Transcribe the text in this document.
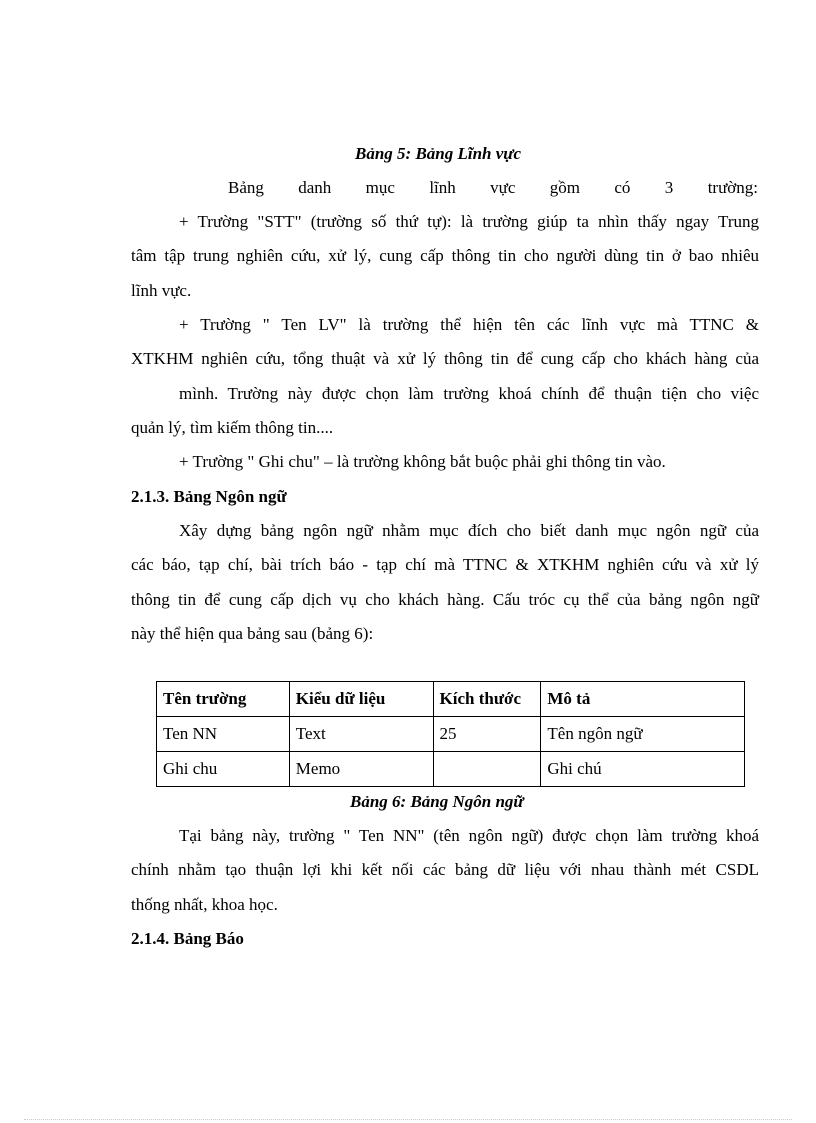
Bảng 5: Bảng Lĩnh vực
Bảng danh mục lĩnh vực gồm có 3 trường:
+ Trường "STT" (trường số thứ tự): là trường giúp ta nhìn thấy ngay Trung
tâm tập trung nghiên cứu, xử lý, cung cấp thông tin cho người dùng tin ở bao nhiêu
lĩnh vực.
+ Trường " Ten LV" là trường thể hiện tên các lĩnh vực mà TTNC &
XTKHM nghiên cứu, tổng thuật và xử lý thông tin để cung cấp cho khách hàng của
mình. Trường này được chọn làm trường khoá chính để thuận tiện cho việc
quản lý, tìm kiếm thông tin....
+ Trường " Ghi chu" – là trường không bắt buộc phải ghi thông tin vào.
2.1.3. Bảng Ngôn ngữ
Xây dựng bảng ngôn ngữ nhằm mục đích cho biết danh mục ngôn ngữ của
các báo, tạp chí, bài trích báo - tạp chí mà TTNC & XTKHM nghiên cứu và xử lý
thông tin để cung cấp dịch vụ cho khách hàng. Cấu tróc cụ thể của bảng ngôn ngữ
này thể hiện qua bảng sau (bảng 6):
Tên trường	Kiểu dữ liệu	Kích thước	Mô tả
Ten NN	Text	25	Tên ngôn ngữ
Ghi chu	Memo		Ghi chú
Bảng 6: Bảng Ngôn ngữ
Tại bảng này, trường " Ten NN" (tên ngôn ngữ) được chọn làm trường khoá
chính nhằm tạo thuận lợi khi kết nối các bảng dữ liệu với nhau thành mét CSDL
thống nhất, khoa học.
2.1.4. Bảng Báo
